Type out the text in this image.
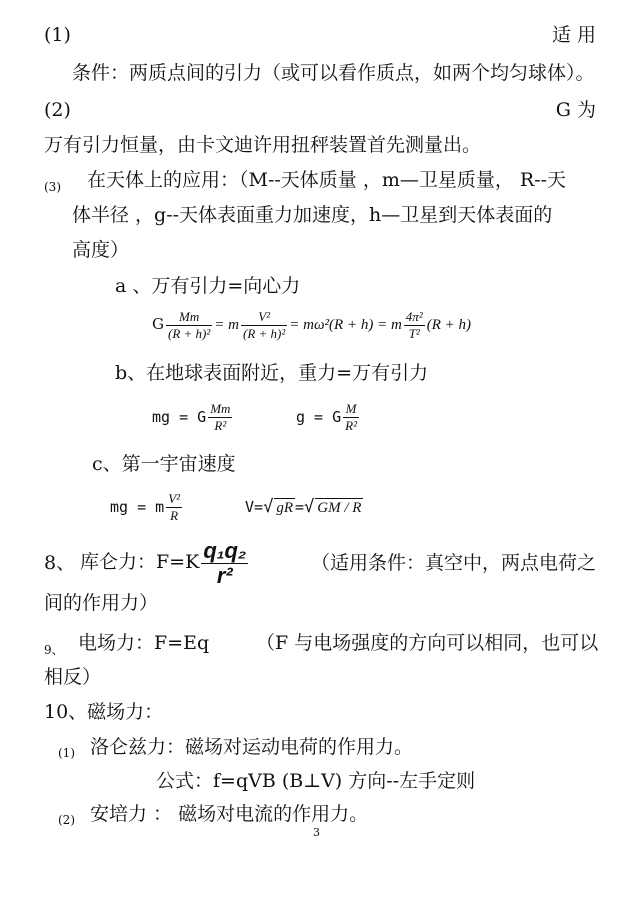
(1)	适 用
条件：两质点间的引力（或可以看作质点，如两个均匀球体）。
(2)	G 为
万有引力恒量，由卡文迪许用扭秤装置首先测量出。
(3) 在天体上的应用：（M--天体质量 ，m—卫星质量， R--天
体半径 ，g--天体表面重力加速度，h—卫星到天体表面的
高度）
a 、万有引力=向心力
G $\frac{Mm}{\text{(R + h)²}} = m \frac{\text{V²}}{\text{(R + h)²}} = m\omega^2(R + h) = m \frac{\text{4π²}}{\text{T²}} (R + h)$
b、在地球表面附近，重力=万有引力
mg = G $\frac{Mm}{\text{R²}}$	g = G $\frac{M}{\text{R²}}$
c、第一宇宙速度
mg = m $\frac{\text{V²}}{R}$	V=√ gR =√ GM / R
8、 库仑力：$F=K \frac{\text{q₁q₂}}{\text{r²}}$	（适用条件：真空中，两点电荷之
间的作用力）
9、 电场力：F=Eq （F 与电场强度的方向可以相同，也可以
相反）
10、磁场力：
(1) 洛仑兹力：磁场对运动电荷的作用力。
公式：f=qVB (B⊥V) 方向--左手定则
(2) 安培力 ： 磁场对电流的作用力。
3
